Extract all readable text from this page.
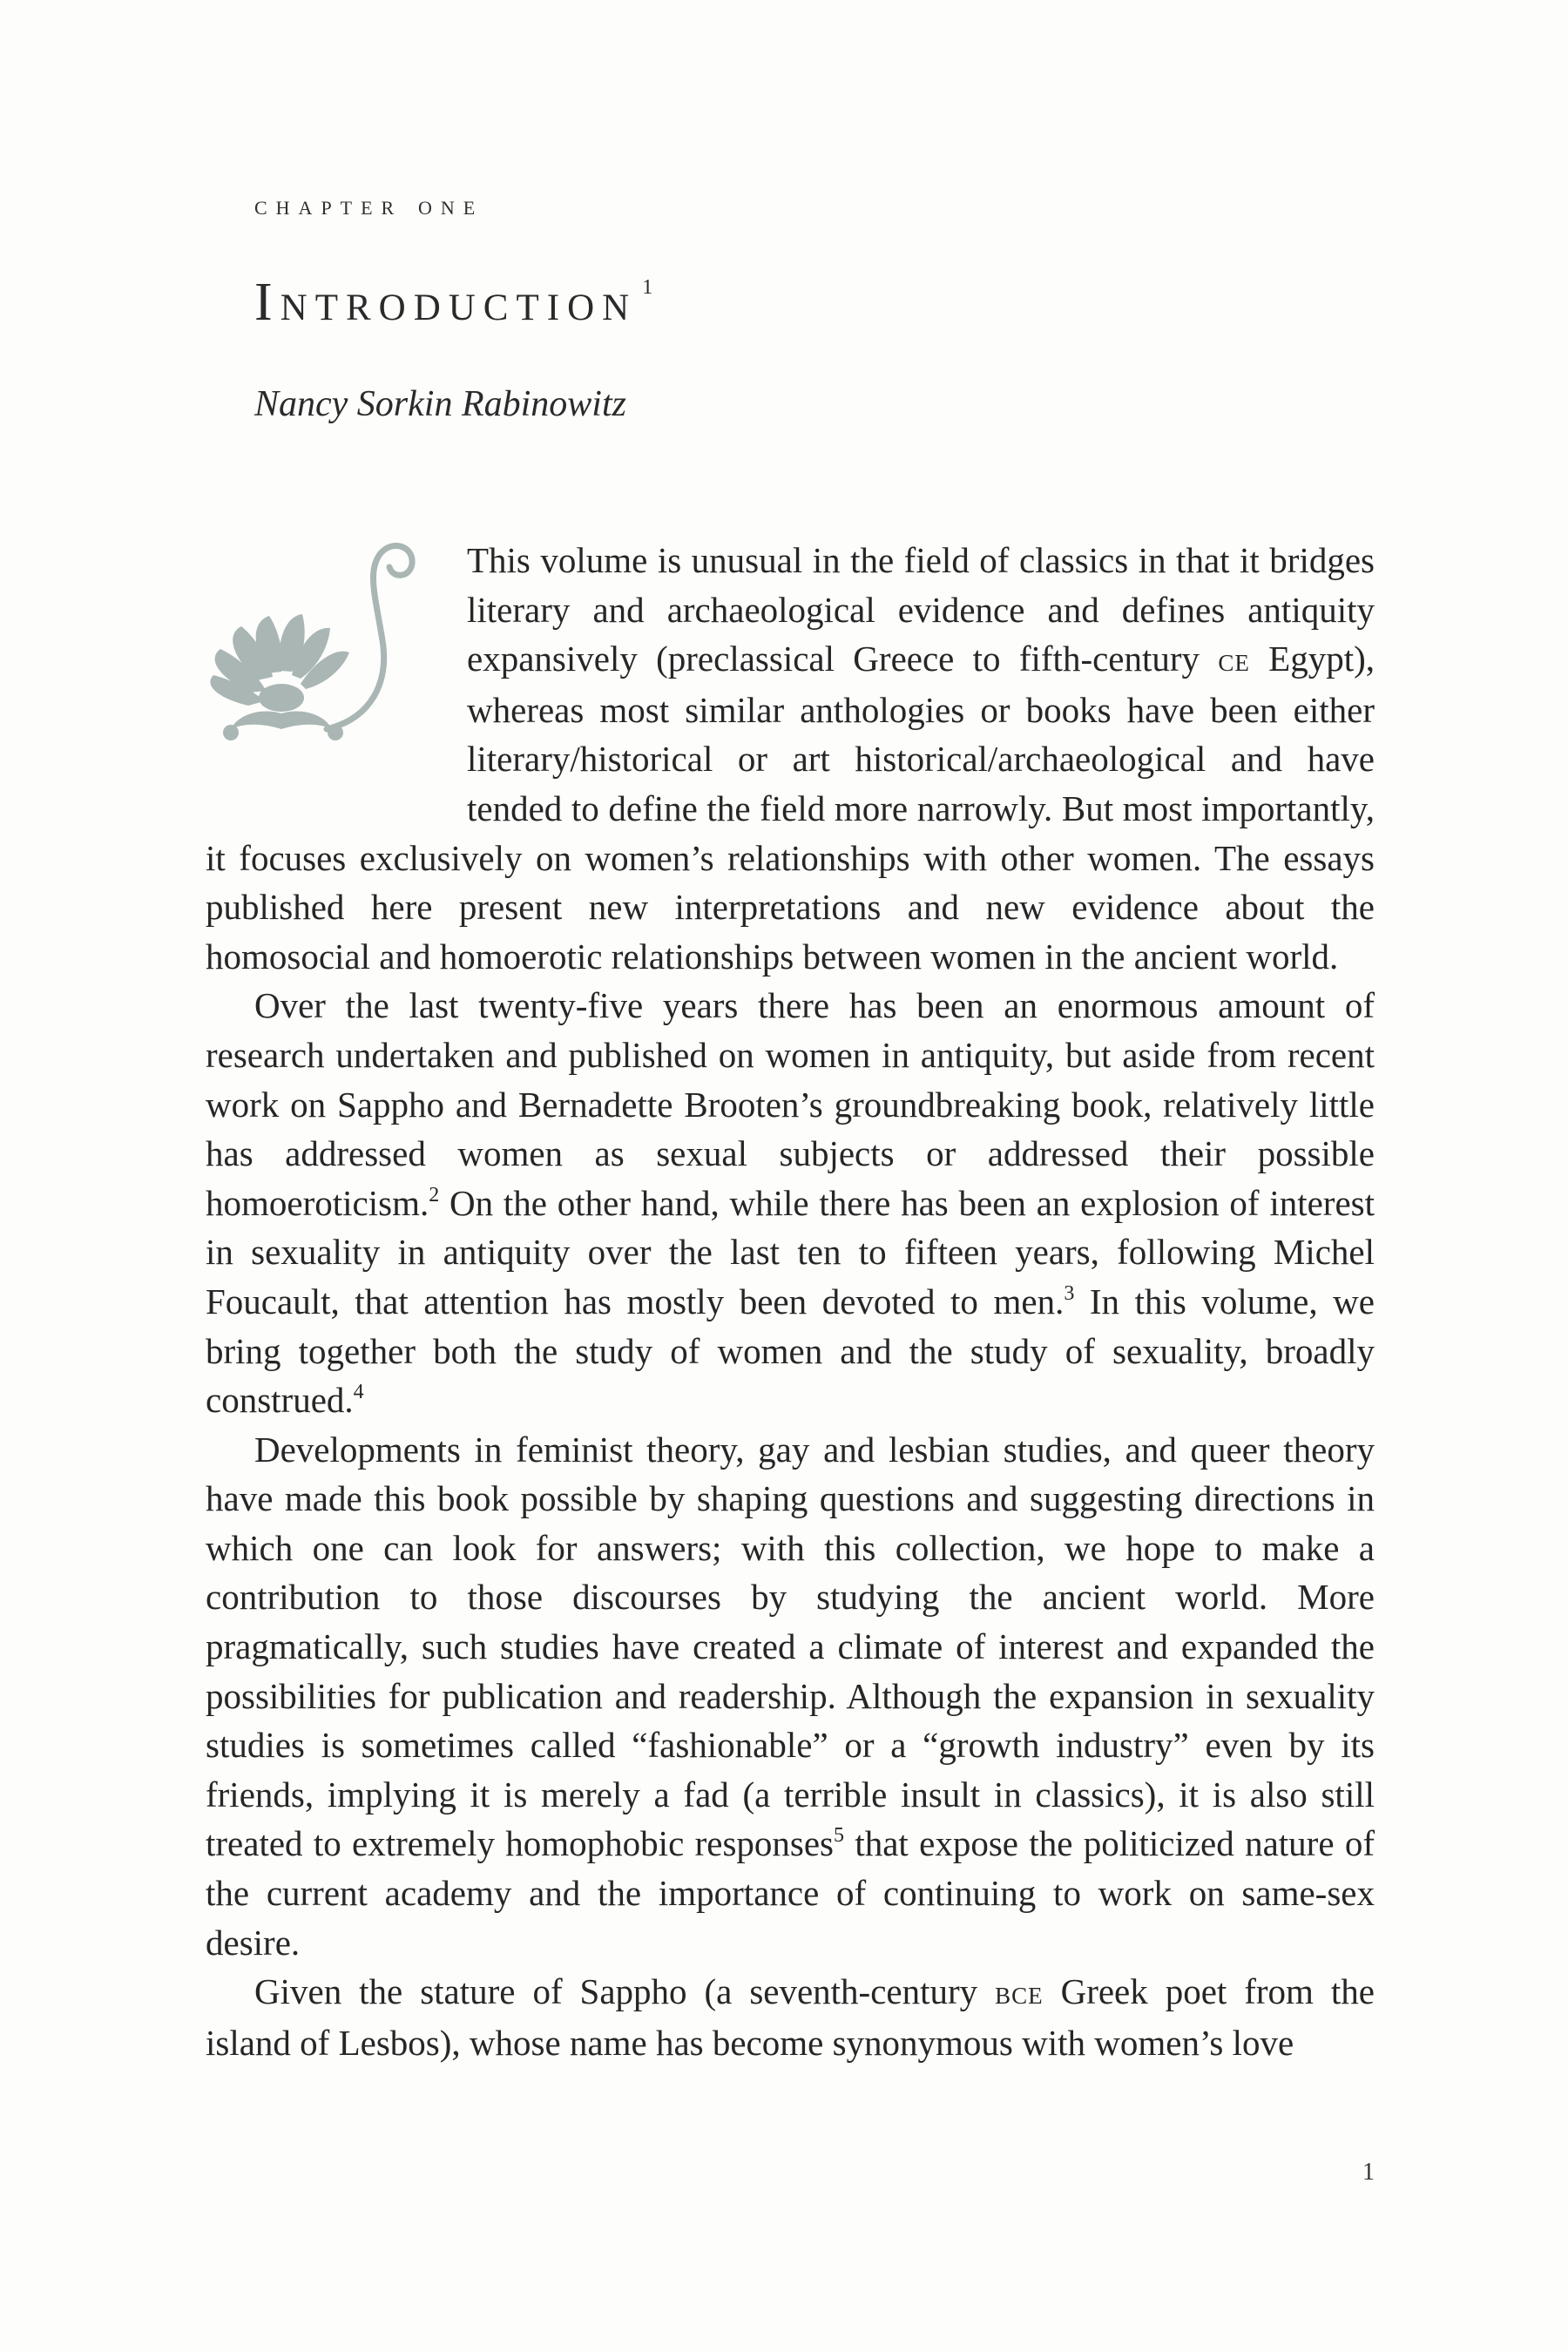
chapter one
Introduction $^1$
Nancy Sorkin Rabinowitz

This volume is unusual in the field of classics in that it bridges literary and archaeological evidence and defines antiquity expansively (preclassical Greece to fifth-century ce Egypt), whereas most similar anthologies or books have been either literary/historical or art historical/archaeological and have tended to define the field more narrowly. But most importantly, it focuses exclusively on women’s relationships with other women. The essays published here present new interpretations and new evidence about the homosocial and homoerotic relationships between women in the ancient world.

Over the last twenty-five years there has been an enormous amount of research undertaken and published on women in antiquity, but aside from recent work on Sappho and Bernadette Brooten’s groundbreaking book, relatively little has addressed women as sexual subjects or addressed their possible homoeroticism.$^2$ On the other hand, while there has been an explosion of interest in sexuality in antiquity over the last ten to fifteen years, following Michel Foucault, that attention has mostly been devoted to men.$^3$ In this volume, we bring together both the study of women and the study of sexuality, broadly construed.$^4$

Developments in feminist theory, gay and lesbian studies, and queer theory have made this book possible by shaping questions and suggesting directions in which one can look for answers; with this collection, we hope to make a contribution to those discourses by studying the ancient world. More pragmatically, such studies have created a climate of interest and expanded the possibilities for publication and readership. Although the expansion in sexuality studies is sometimes called “fashionable” or a “growth industry” even by its friends, implying it is merely a fad (a terrible insult in classics), it is also still treated to extremely homophobic responses$^5$ that expose the politicized nature of the current academy and the importance of continuing to work on same-sex desire.

Given the stature of Sappho (a seventh-century bce Greek poet from the island of Lesbos), whose name has become synonymous with women’s love

1
